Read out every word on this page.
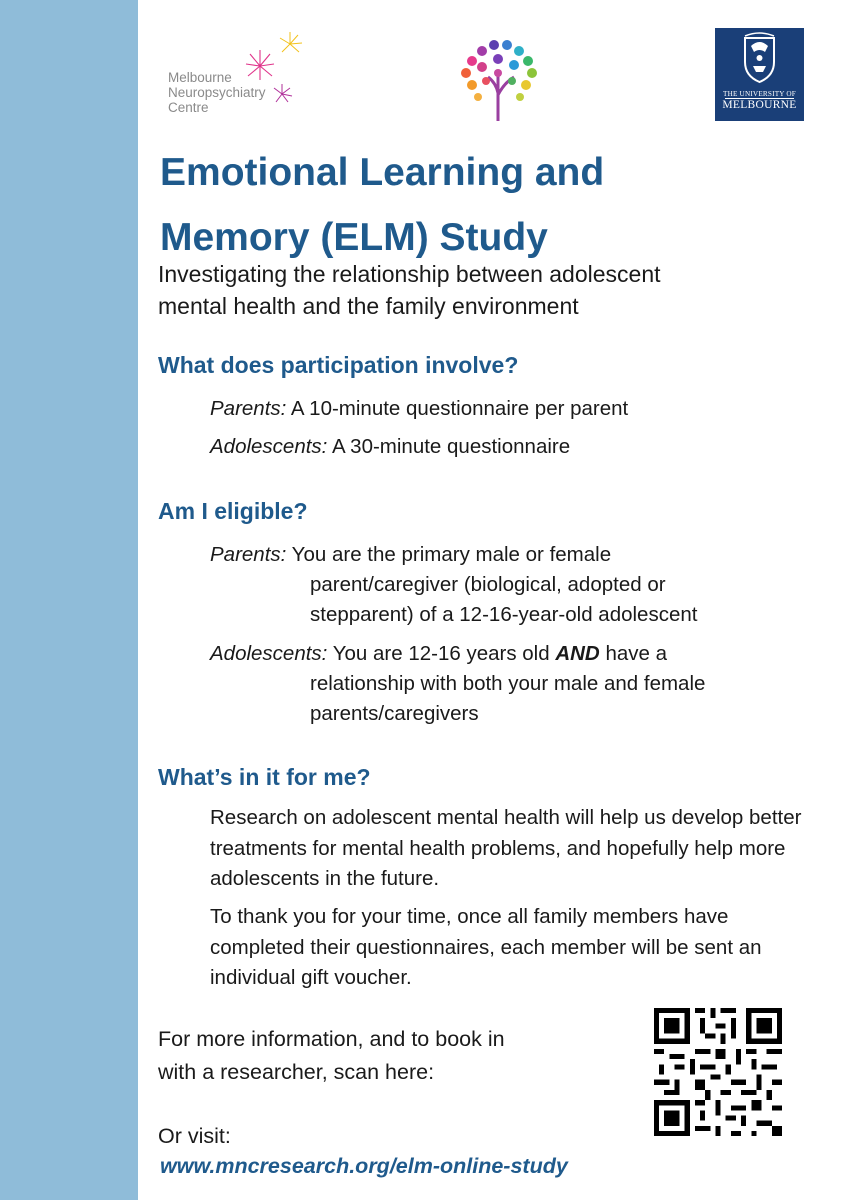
Melbourne
Neuropsychiatry
Centre
THE UNIVERSITY OF
MELBOURNE
Emotional Learning and
Memory (ELM) Study
Investigating the relationship between adolescent
mental health and the family environment
What does participation involve?
Parents: A 10-minute questionnaire per parent
Adolescents: A 30-minute questionnaire
Am I eligible?
Parents: You are the primary male or female
parent/caregiver (biological, adopted or
stepparent) of a 12-16-year-old adolescent
Adolescents: You are 12-16 years old AND have a
relationship with both your male and female
parents/caregivers
What’s in it for me?
Research on adolescent mental health will help us develop better treatments for mental health problems, and hopefully help more adolescents in the future.
To thank you for your time, once all family members have completed their questionnaires, each member will be sent an individual gift voucher.
For more information, and to book in
with a researcher, scan here:
Or visit:
www.mncresearch.org/elm-online-study
